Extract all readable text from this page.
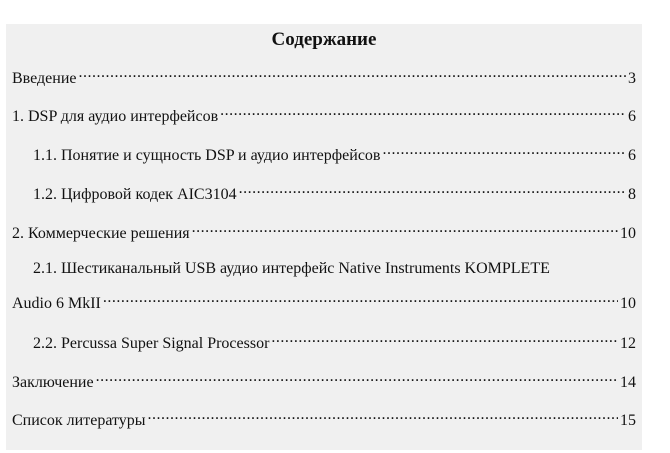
Содержание
Введение .....	3
1. DSP для аудио интерфейсов .....	6
1.1. Понятие и сущность DSP и аудио интерфейсов .....	6
1.2. Цифровой кодек AIC3104 .....	8
2. Коммерческие решения .....	10
2.1. Шестиканальный USB аудио интерфейс Native Instruments KOMPLETE
Audio 6 MkII .....	10
2.2. Percussa Super Signal Processor .....	12
Заключение .....	14
Список литературы .....	15
